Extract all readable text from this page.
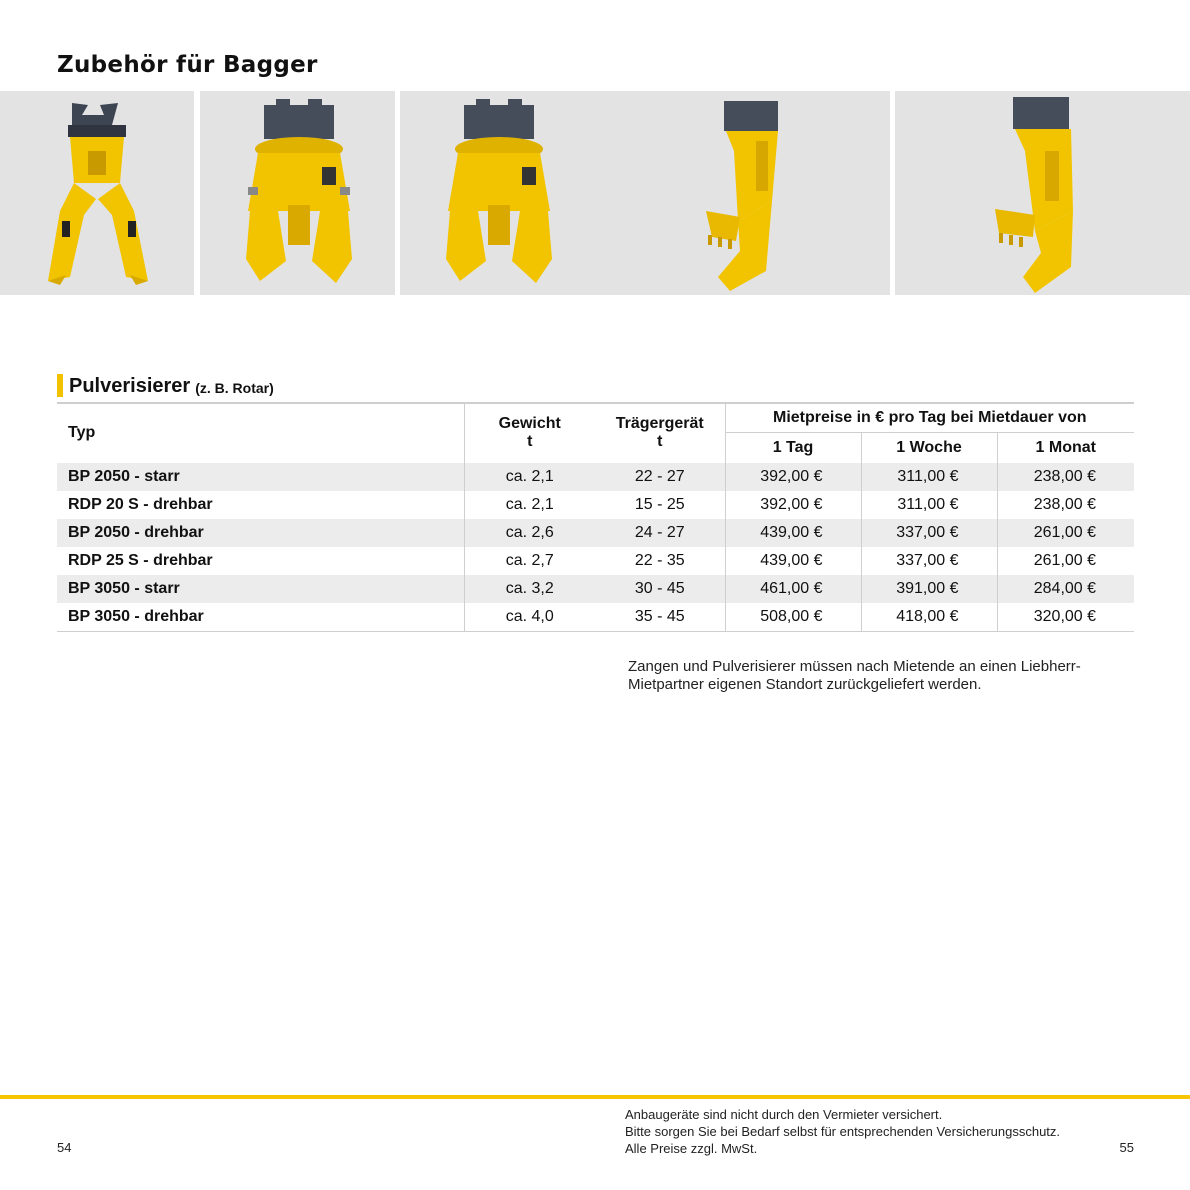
Zubehör für Bagger
Pulverisierer (z. B. Rotar)
Typ	Gewicht	Trägergerät	Mietpreise in € pro Tag bei Mietdauer von		
	t	t	1 Tag	1 Woche	1 Monat
BP 2050 - starr	ca. 2,1	22 - 27	392,00 €	311,00 €	238,00 €
RDP 20 S - drehbar	ca. 2,1	15 - 25	392,00 €	311,00 €	238,00 €
BP 2050 - drehbar	ca. 2,6	24 - 27	439,00 €	337,00 €	261,00 €
RDP 25 S - drehbar	ca. 2,7	22 - 35	439,00 €	337,00 €	261,00 €
BP 3050 - starr	ca. 3,2	30 - 45	461,00 €	391,00 €	284,00 €
BP 3050 - drehbar	ca. 4,0	35 - 45	508,00 €	418,00 €	320,00 €
Zangen und Pulverisierer müssen nach Mietende an einen Liebherr-
Mietpartner eigenen Standort zurückgeliefert werden.
Anbaugeräte sind nicht durch den Vermieter versichert.
Bitte sorgen Sie bei Bedarf selbst für entsprechenden Versicherungsschutz.
Alle Preise zzgl. MwSt.
54	55
